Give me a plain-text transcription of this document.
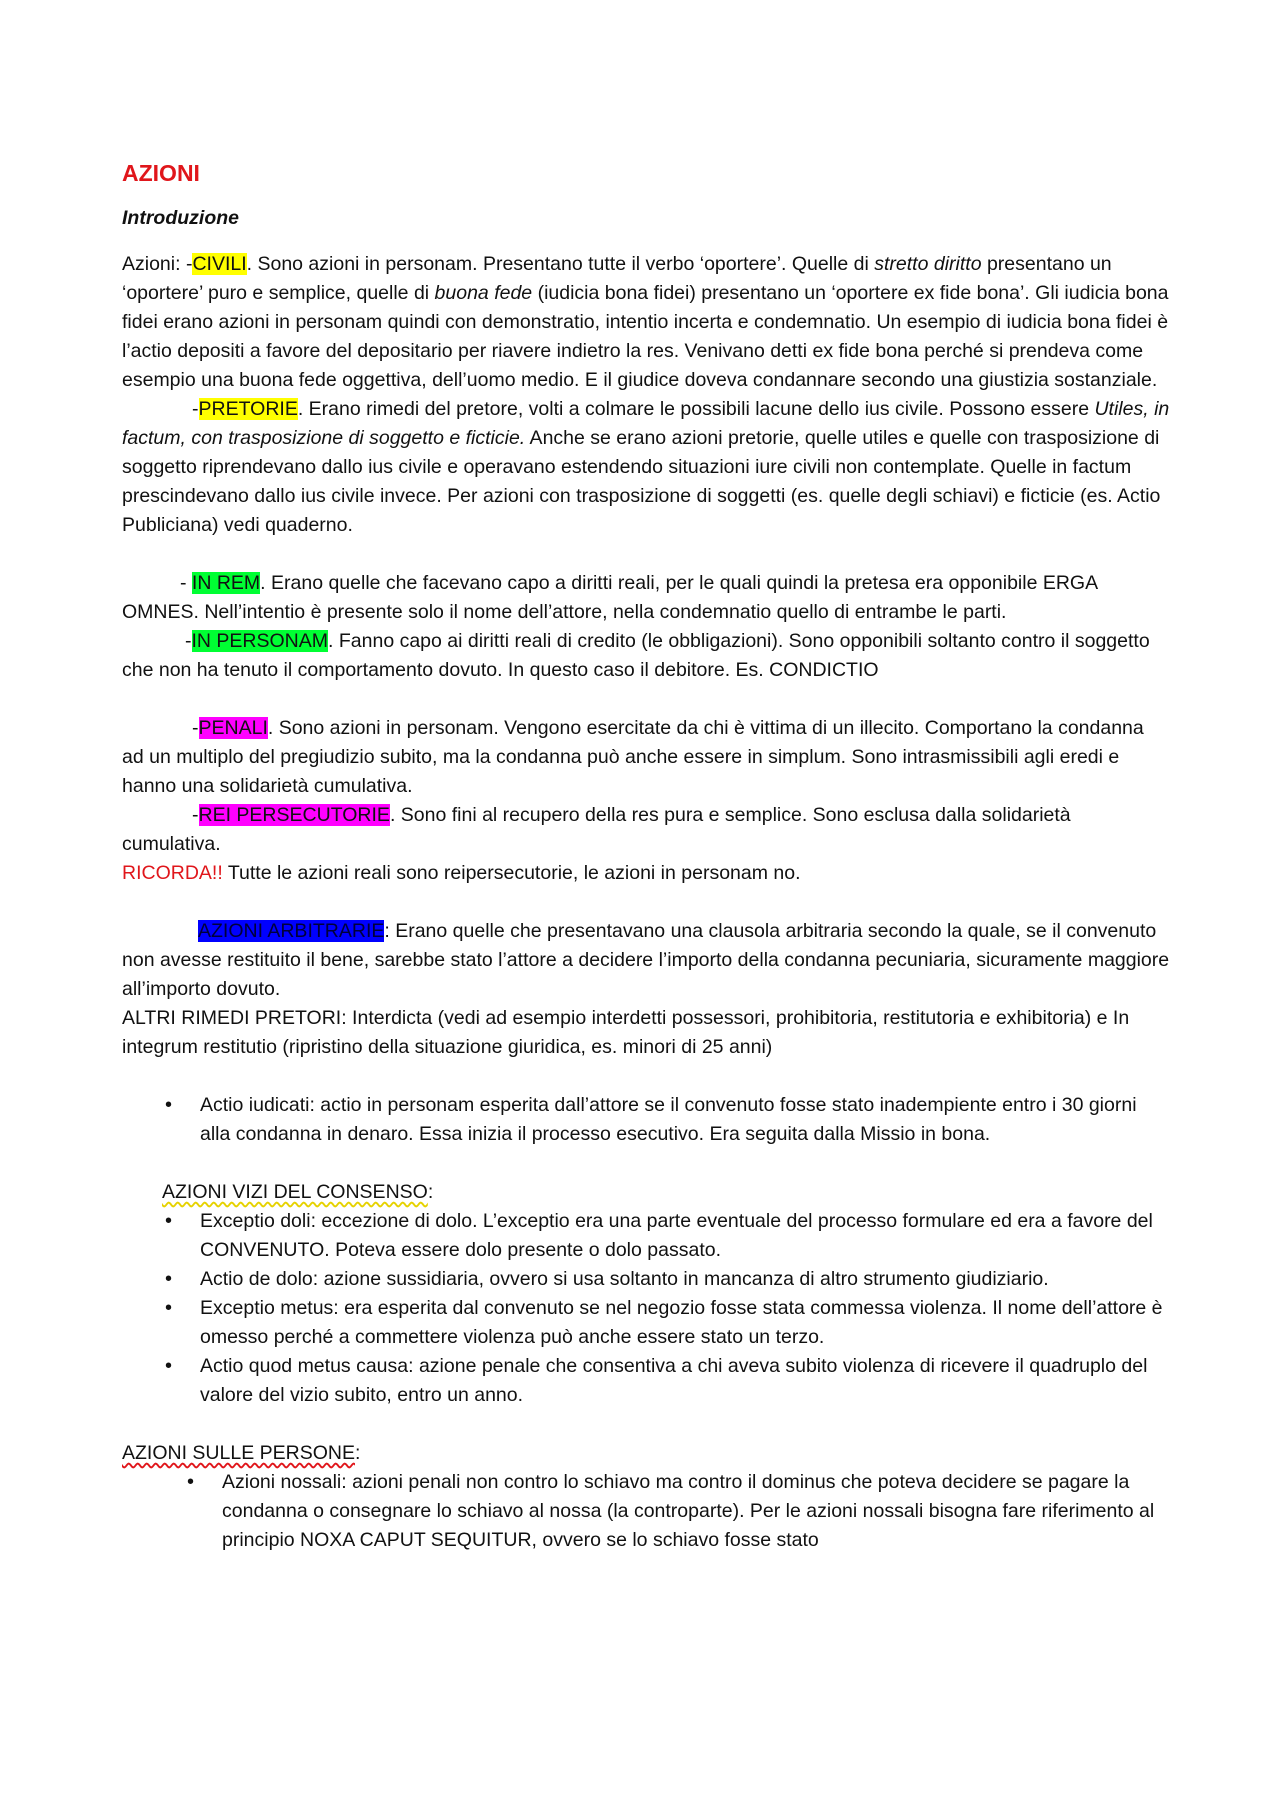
AZIONI
Introduzione

Azioni: -CIVILI. Sono azioni in personam. Presentano tutte il verbo ‘oportere’. Quelle di stretto diritto presentano un ‘oportere’ puro e semplice, quelle di buona fede (iudicia bona fidei) presentano un ‘oportere ex fide bona’. Gli iudicia bona fidei erano azioni in personam quindi con demonstratio, intentio incerta e condemnatio. Un esempio di iudicia bona fidei è l’actio depositi a favore del depositario per riavere indietro la res. Venivano detti ex fide bona perché si prendeva come esempio una buona fede oggettiva, dell’uomo medio. E il giudice doveva condannare secondo una giustizia sostanziale.

-PRETORIE. Erano rimedi del pretore, volti a colmare le possibili lacune dello ius civile. Possono essere Utiles, in factum, con trasposizione di soggetto e ficticie. Anche se erano azioni pretorie, quelle utiles e quelle con trasposizione di soggetto riprendevano dallo ius civile e operavano estendendo situazioni iure civili non contemplate. Quelle in factum prescindevano dallo ius civile invece. Per azioni con trasposizione di soggetti (es. quelle degli schiavi) e ficticie (es. Actio Publiciana) vedi quaderno.

- IN REM. Erano quelle che facevano capo a diritti reali, per le quali quindi la pretesa era opponibile ERGA OMNES. Nell’intentio è presente solo il nome dell’attore, nella condemnatio quello di entrambe le parti.

-IN PERSONAM. Fanno capo ai diritti reali di credito (le obbligazioni). Sono opponibili soltanto contro il soggetto che non ha tenuto il comportamento dovuto. In questo caso il debitore. Es. CONDICTIO

-PENALI. Sono azioni in personam. Vengono esercitate da chi è vittima di un illecito. Comportano la condanna ad un multiplo del pregiudizio subito, ma la condanna può anche essere in simplum. Sono intrasmissibili agli eredi e hanno una solidarietà cumulativa.

-REI PERSECUTORIE. Sono fini al recupero della res pura e semplice. Sono esclusa dalla solidarietà cumulativa.

RICORDA!! Tutte le azioni reali sono reipersecutorie, le azioni in personam no.

AZIONI ARBITRARIE: Erano quelle che presentavano una clausola arbitraria secondo la quale, se il convenuto non avesse restituito il bene, sarebbe stato l’attore a decidere l’importo della condanna pecuniaria, sicuramente maggiore all’importo dovuto.

ALTRI RIMEDI PRETORI: Interdicta (vedi ad esempio interdetti possessori, prohibitoria, restitutoria e exhibitoria) e In integrum restitutio (ripristino della situazione giuridica, es. minori di 25 anni)

• Actio iudicati: actio in personam esperita dall’attore se il convenuto fosse stato inadempiente entro i 30 giorni alla condanna in denaro. Essa inizia il processo esecutivo. Era seguita dalla Missio in bona.

AZIONI VIZI DEL CONSENSO:

• Exceptio doli: eccezione di dolo. L’exceptio era una parte eventuale del processo formulare ed era a favore del CONVENUTO. Poteva essere dolo presente o dolo passato.
• Actio de dolo: azione sussidiaria, ovvero si usa soltanto in mancanza di altro strumento giudiziario.
• Exceptio metus: era esperita dal convenuto se nel negozio fosse stata commessa violenza. Il nome dell’attore è omesso perché a commettere violenza può anche essere stato un terzo.
• Actio quod metus causa: azione penale che consentiva a chi aveva subito violenza di ricevere il quadruplo del valore del vizio subito, entro un anno.

AZIONI SULLE PERSONE:

• Azioni nossali: azioni penali non contro lo schiavo ma contro il dominus che poteva decidere se pagare la condanna o consegnare lo schiavo al nossa (la controparte). Per le azioni nossali bisogna fare riferimento al principio NOXA CAPUT SEQUITUR, ovvero se lo schiavo fosse stato
